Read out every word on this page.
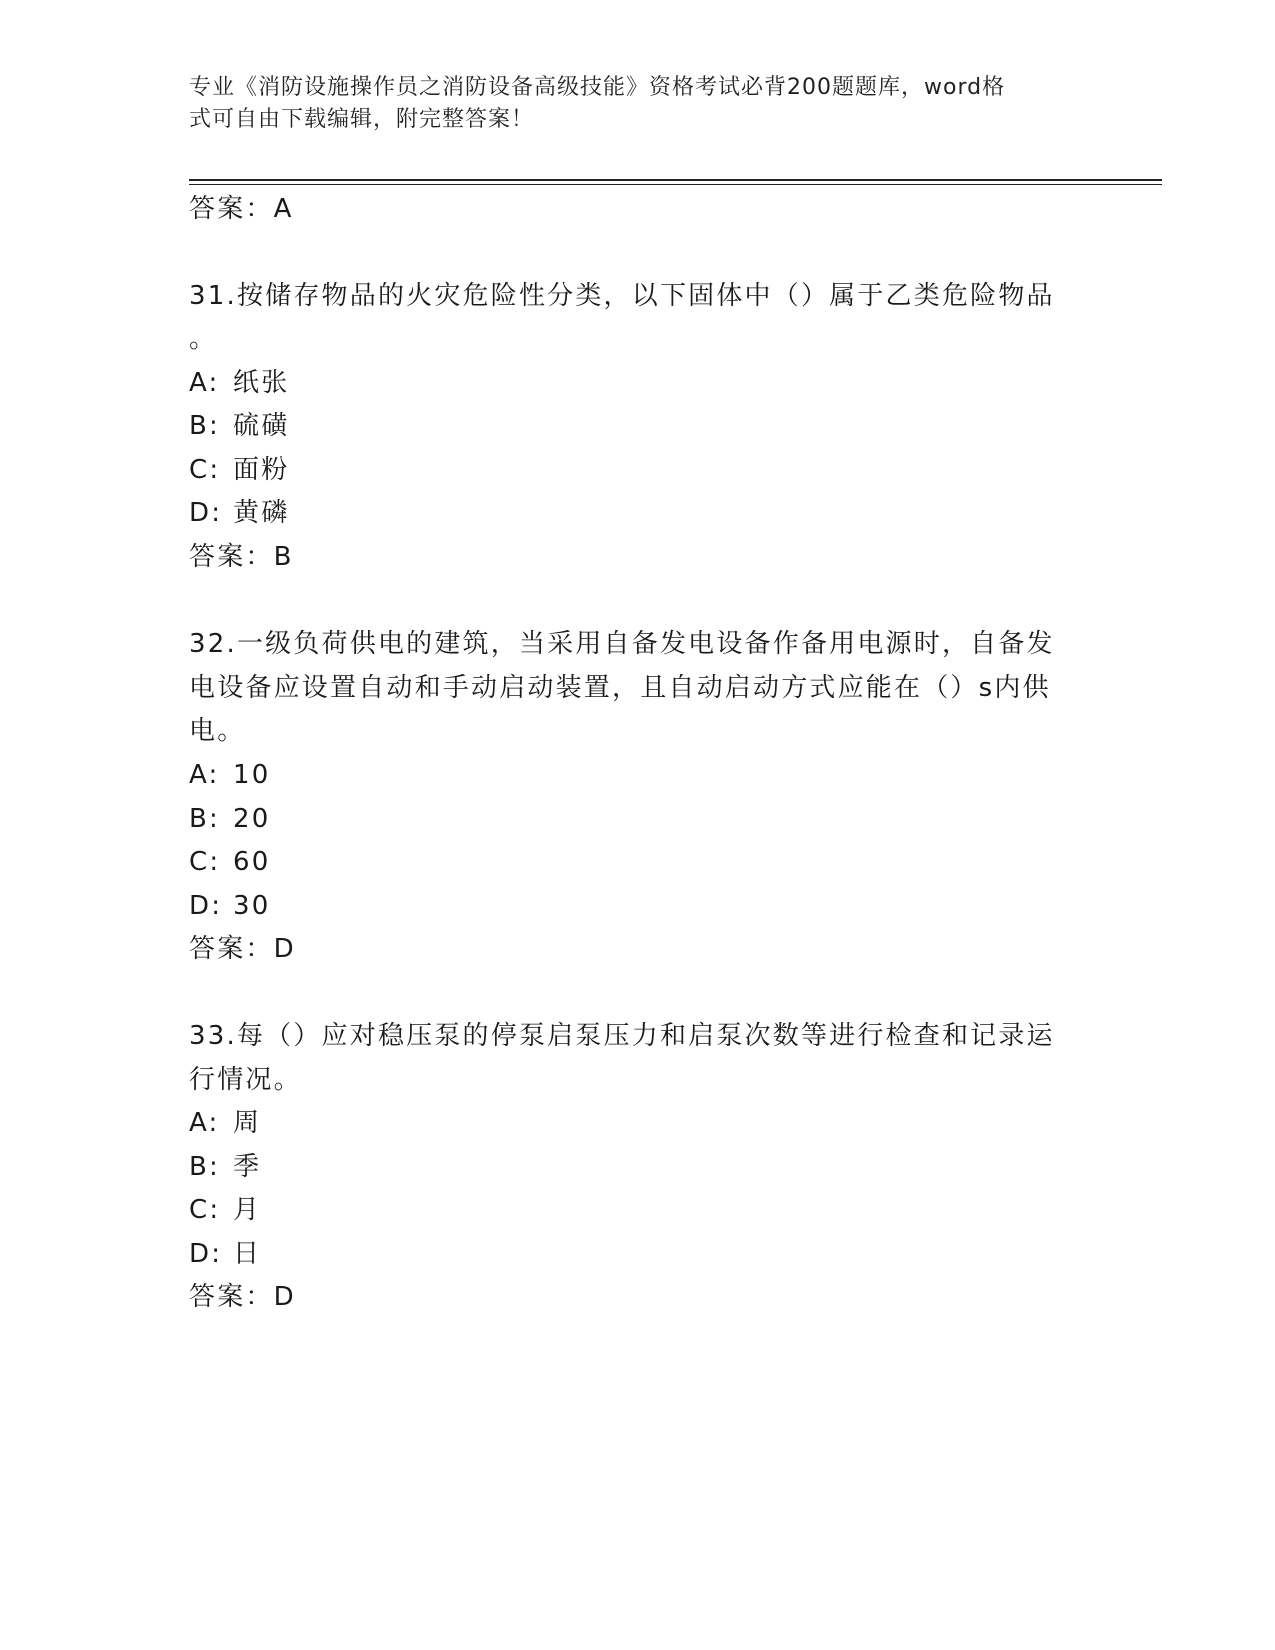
专业《消防设施操作员之消防设备高级技能》资格考试必背200题题库，word格
式可自由下载编辑，附完整答案！
答案：A
31.按储存物品的火灾危险性分类，以下固体中（）属于乙类危险物品
。
A: 纸张
B: 硫磺
C: 面粉
D: 黄磷
答案：B
32.一级负荷供电的建筑，当采用自备发电设备作备用电源时，自备发
电设备应设置自动和手动启动装置，且自动启动方式应能在（）s内供
电。
A: 10
B: 20
C: 60
D: 30
答案：D
33.每（）应对稳压泵的停泵启泵压力和启泵次数等进行检查和记录运
行情况。
A: 周
B: 季
C: 月
D: 日
答案：D
